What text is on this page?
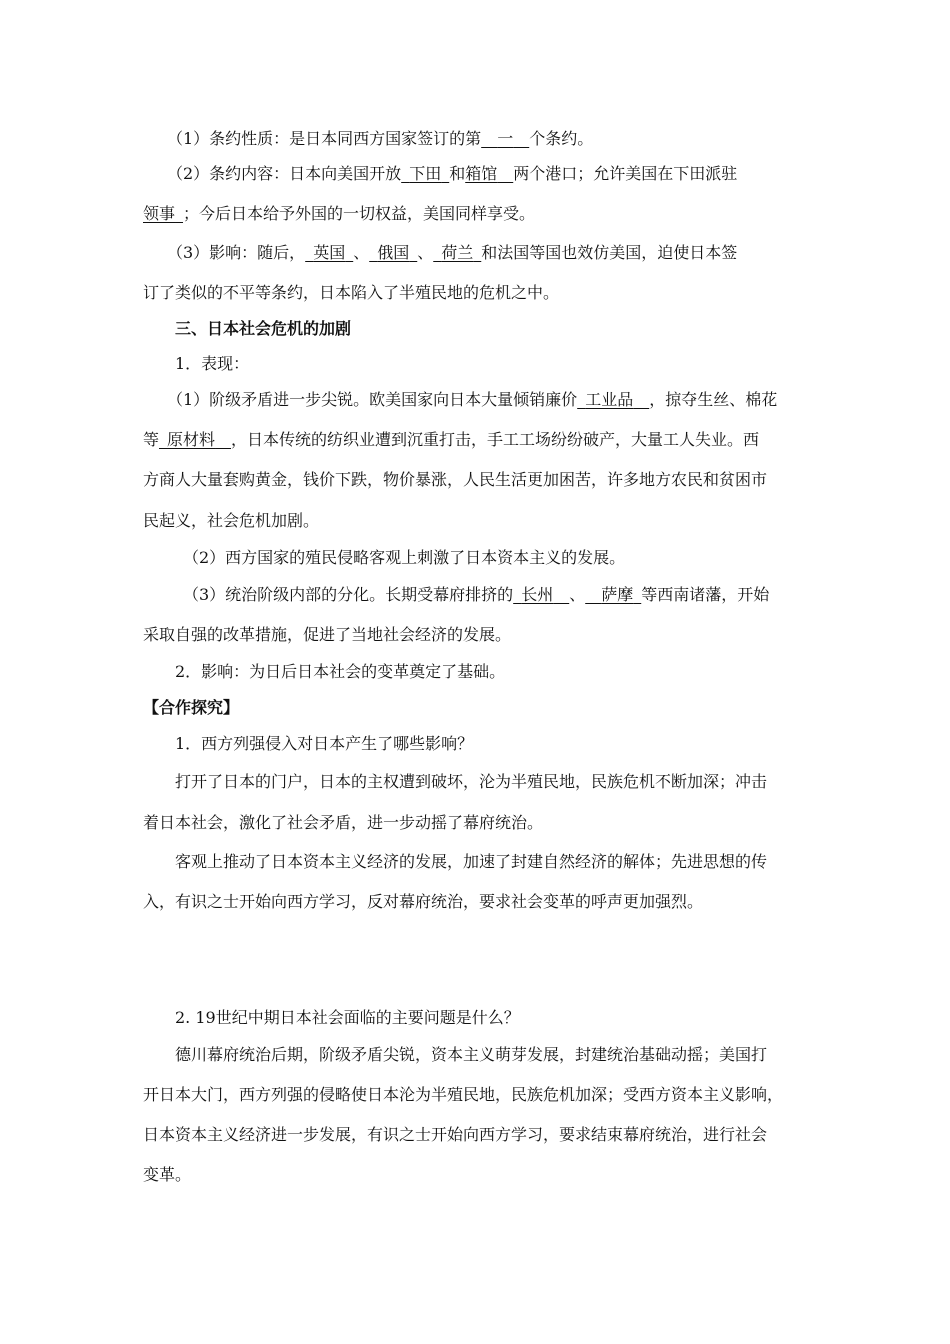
（1）条约性质：是日本同西方国家签订的第  一  个条约。
（2）条约内容：日本向美国开放  下田  和箱馆  两个港口；允许美国在下田派驻
领事  ；今后日本给予外国的一切权益，美国同样享受。
（3）影响：随后，  英国  、  俄国  、  荷兰  和法国等国也效仿美国，迫使日本签
订了类似的不平等条约，日本陷入了半殖民地的危机之中。
三、日本社会危机的加剧
1．表现：
（1）阶级矛盾进一步尖锐。欧美国家向日本大量倾销廉价  工业品   ，掠夺生丝、棉花
等  原材料   ，日本传统的纺织业遭到沉重打击，手工工场纷纷破产，大量工人失业。西
方商人大量套购黄金，钱价下跌，物价暴涨，人民生活更加困苦，许多地方农民和贫困市
民起义，社会危机加剧。
（2）西方国家的殖民侵略客观上刺激了日本资本主义的发展。
（3）统治阶级内部的分化。长期受幕府排挤的  长州   、   萨摩  等西南诸藩，开始
采取自强的改革措施，促进了当地社会经济的发展。
2．影响：为日后日本社会的变革奠定了基础。
【合作探究】
1．西方列强侵入对日本产生了哪些影响？
打开了日本的门户，日本的主权遭到破坏，沦为半殖民地，民族危机不断加深；冲击
着日本社会，激化了社会矛盾，进一步动摇了幕府统治。
客观上推动了日本资本主义经济的发展，加速了封建自然经济的解体；先进思想的传
入，有识之士开始向西方学习，反对幕府统治，要求社会变革的呼声更加强烈。
2. 19世纪中期日本社会面临的主要问题是什么？
德川幕府统治后期，阶级矛盾尖锐，资本主义萌芽发展，封建统治基础动摇；美国打
开日本大门，西方列强的侵略使日本沦为半殖民地，民族危机加深；受西方资本主义影响，
日本资本主义经济进一步发展，有识之士开始向西方学习，要求结束幕府统治，进行社会
变革。
